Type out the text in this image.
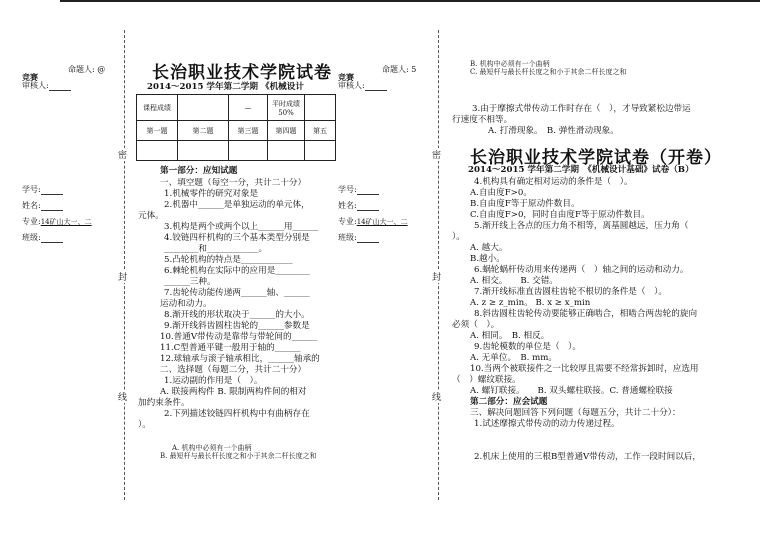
命题人: @
竞赛
审核人:
学号:
姓名:
专业:14矿山大一、二
班级:
密
封
线
长治职业技术学院试卷
2014～2015 学年第二学期 《机械设计
课程成绩		—	平时成绩50%	
第一题	第二题	第三题	第四题	第五

第一部分：应知试题
一、填空题（每空一分，共计二十分）
1.机械零件的研究对象是
2.机器中______是单独运动的单元体，
元体。
3.机构是两个或两个以上______用______
4.铰链四杆机构的三个基本类型分别是
________和____________。
5.凸轮机构的特点是____________
6.棘轮机构在实际中的应用是________
______三种。
7.齿轮传动能传递两______轴、______
运动和动力。
8.渐开线的形状取决于______的大小。
9.渐开线斜齿圆柱齿轮的______参数是
10.普通V带传动是靠带与带轮间的______
11.C型普通平键一般用于轴的______
12.球轴承与滚子轴承相比，______轴承的
二、选择题（每题二分，共计二十分）
1.运动副的作用是（　）。
A. 联接两构件 B. 限制两构件间的相对
加约束条件。
2.下列描述铰链四杆机构中有曲柄存在
）。
A. 机构中必须有一个曲柄
B. 最短杆与最长杆长度之和小于其余二杆长度之和
命题人: 5
竞赛
审核人:
学号:
姓名:
专业:14矿山大一、二
班级:
密
封
线
B. 机构中必须有一个曲柄
C. 最短杆与最长杆长度之和小于其余二杆长度之和
3.由于摩擦式带传动工作时存在（　），才导致紧松边带运
行速度不相等。
A. 打滑现象。　B. 弹性滑动现象。
长治职业技术学院试卷（开卷）
2014～2015 学年第二学期　《机械设计基础》试卷（B）
4.机构具有确定相对运动的条件是（　）。
A.自由度F>0。
B.自由度F等于原动件数目。
C.自由度F>0，同时自由度F等于原动件数目。
5.渐开线上各点的压力角不相等，离基圆越远，压力角（
）。
A. 越大。
B.越小。
6.蜗轮蜗杆传动用来传递两（　）轴之间的运动和动力。
A. 相交。　　B. 交错。
7.渐开线标准直齿圆柱齿轮不根切的条件是（　）。
A. z ≥ z_min。 B. x ≥ x_min
8.斜齿圆柱齿轮传动要能够正确啮合，相啮合两齿轮的旋向
必须（　）。
A. 相同。　B. 相反。
9.齿轮模数的单位是（　）。
A. 无单位。　B. mm。
10.当两个被联接件之一比较厚且需要不经常拆卸时，应选用
（　）螺纹联接。
A. 螺钉联接。　　B. 双头螺柱联接。C. 普通螺栓联接
第二部分：应会试题
三、解决问题回答下列问题（每题五分，共计二十分）：
1.试述摩擦式带传动的动力传递过程。
2.机床上使用的三根B型普通V带传动，工作一段时间以后，
